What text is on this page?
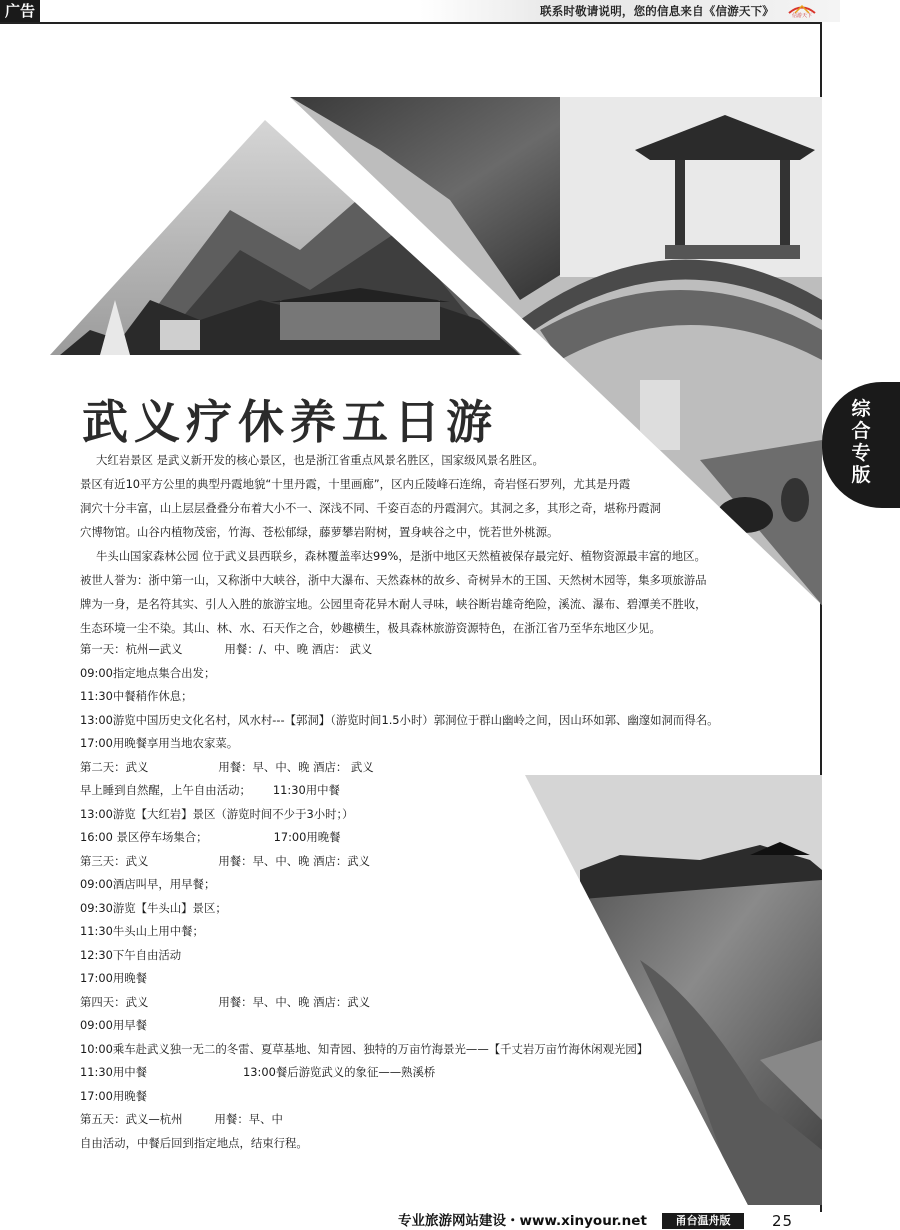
广告	联系时敬请说明，您的信息来自《信游天下》	信游天下
武义疗休养五日游

大红岩景区 是武义新开发的核心景区，也是浙江省重点风景名胜区，国家级风景名胜区。

景区有近10平方公里的典型丹霞地貌“十里丹霞，十里画廊”，区内丘陵峰石连绵，奇岩怪石罗列，尤其是丹霞

洞穴十分丰富，山上层层叠叠分布着大小不一、深浅不同、千姿百态的丹霞洞穴。其洞之多，其形之奇，堪称丹霞洞

穴博物馆。山谷内植物茂密，竹海、苍松郁绿，藤萝攀岩附树，置身峡谷之中，恍若世外桃源。

牛头山国家森林公园 位于武义县西联乡，森林覆盖率达99%，是浙中地区天然植被保存最完好、植物资源最丰富的地区。

被世人誉为：浙中第一山，又称浙中大峡谷，浙中大瀑布、天然森林的故乡、奇树异木的王国、天然树木园等，集多项旅游品

牌为一身，是名符其实、引人入胜的旅游宝地。公园里奇花异木耐人寻味，峡谷断岩雄奇绝险，溪流、瀑布、碧潭美不胜收，

生态环境一尘不染。其山、林、水、石天作之合，妙趣横生，极具森林旅游资源特色，在浙江省乃至华东地区少见。

第一天：杭州—武义	用餐：/、中、晚 酒店： 武义
09:00指定地点集合出发；
11:30中餐稍作休息；
13:00游览中国历史文化名村，风水村---【郭洞】（游览时间1.5小时）郭洞位于群山幽岭之间，因山环如郭、幽邃如洞而得名。
17:00用晚餐享用当地农家菜。
第二天：武义	用餐：早、中、晚 酒店： 武义
早上睡到自然醒，上午自由活动； 11:30用中餐
13:00游览【大红岩】景区（游览时间不少于3小时；）
16:00 景区停车场集合；	17:00用晚餐
第三天：武义	用餐：早、中、晚 酒店：武义
09:00酒店叫早，用早餐；
09:30游览【牛头山】景区；
11:30牛头山上用中餐；
12:30下午自由活动
17:00用晚餐
第四天：武义	用餐：早、中、晚 酒店：武义
09:00用早餐
10:00乘车赴武义独一无二的冬雷、夏草基地、知青园、独特的万亩竹海景光——【千丈岩万亩竹海休闲观光园】
11:30用中餐	13:00餐后游览武义的象征——熟溪桥
17:00用晚餐
第五天：武义—杭州	用餐：早、中
自由活动，中餐后回到指定地点，结束行程。
综
合
专
版
专业旅游网站建设・www.xinyour.net	甬台温舟版	25
